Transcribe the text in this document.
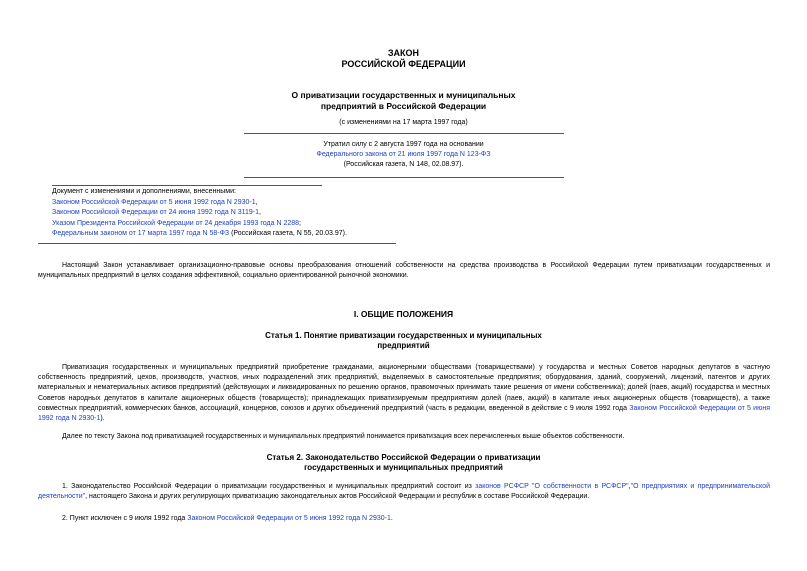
ЗАКОН
РОССИЙСКОЙ ФЕДЕРАЦИИ
О приватизации государственных и муниципальных
предприятий в Российской Федерации
(с изменениями на 17 марта 1997 года)
Утратил силу с 2 августа 1997 года на основании
Федерального закона от 21 июля 1997 года N 123-ФЗ
(Российская газета, N 148, 02.08.97).
Документ с изменениями и дополнениями, внесенными:
Законом Российской Федерации от 5 июня 1992 года N 2930-1,
Законом Российской Федерации от 24 июня 1992 года N 3119-1,
Указом Президента Российской Федерации от 24 декабря 1993 года N 2288;
Федеральным законом от 17 марта 1997 года N 58-ФЗ (Российская газета, N 55, 20.03.97).
Настоящий Закон устанавливает организационно-правовые основы преобразования отношений собственности на средства производства в Российской Федерации путем приватизации государственных и муниципальных предприятий в целях создания эффективной, социально ориентированной рыночной экономики.
I. ОБЩИЕ ПОЛОЖЕНИЯ
Статья 1. Понятие приватизации государственных и муниципальных
предприятий
Приватизация государственных и муниципальных предприятий приобретение гражданами, акционерными обществами (товариществами) у государства и местных Советов народных депутатов в частную собственность предприятий, цехов, производств, участков, иных подразделений этих предприятий, выделяемых в самостоятельные предприятия; оборудования, зданий, сооружений, лицензий, патентов и других материальных и нематериальных активов предприятий (действующих и ликвидированных по решению органов, правомочных принимать такие решения от имени собственника); долей (паев, акций) государства и местных Советов народных депутатов в капитале акционерных обществ (товариществ); принадлежащих приватизируемым предприятиям долей (паев, акций) в капитале иных акционерных обществ (товариществ), а также совместных предприятий, коммерческих банков, ассоциаций, концернов, союзов и других объединений предприятий (часть в редакции, введенной в действие с 9 июля 1992 года Законом Российской Федерации от 5 июня 1992 года N 2930-1).
Далее по тексту Закона под приватизацией государственных и муниципальных предприятий понимается приватизация всех перечисленных выше объектов собственности.
Статья 2. Законодательство Российской Федерации о приватизации
государственных и муниципальных предприятий
1. Законодательство Российской Федерации о приватизации государственных и муниципальных предприятий состоит из законов РСФСР "О собственности в РСФСР","О предприятиях и предпринимательской деятельности", настоящего Закона и других регулирующих приватизацию законодательных актов Российской Федерации и республик в составе Российской Федерации.
2. Пункт исключен с 9 июля 1992 года Законом Российской Федерации от 5 июня 1992 года N 2930-1.
